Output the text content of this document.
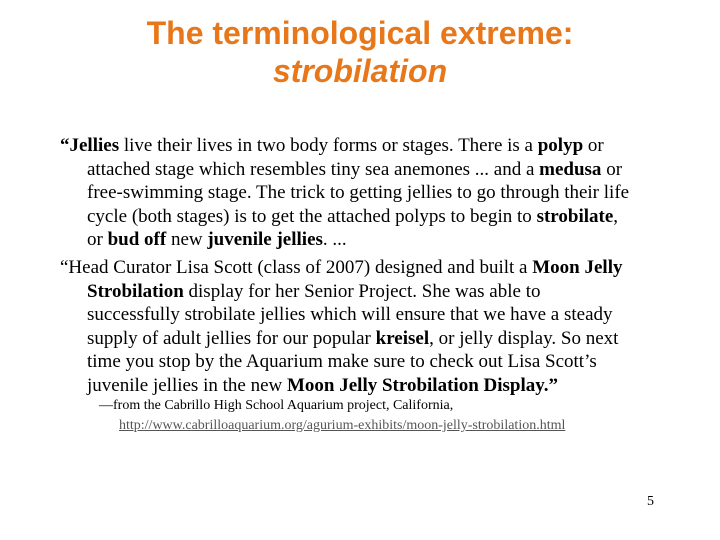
The terminological extreme:
strobilation
“Jellies live their lives in two body forms or stages. There is a polyp or
attached stage which resembles tiny sea anemones ... and a medusa or
free-swimming stage. The trick to getting jellies to go through their life
cycle (both stages) is to get the attached polyps to begin to strobilate,
or bud off new juvenile jellies. ...
“Head Curator Lisa Scott (class of 2007) designed and built a Moon Jelly
Strobilation display for her Senior Project. She was able to
successfully strobilate jellies which will ensure that we have a steady
supply of adult jellies for our popular kreisel, or jelly display. So next
time you stop by the Aquarium make sure to check out Lisa Scott’s
juvenile jellies in the new Moon Jelly Strobilation Display.”
—from the Cabrillo High School Aquarium project, California,
http://www.cabrilloaquarium.org/agurium-exhibits/moon-jelly-strobilation.html
5
